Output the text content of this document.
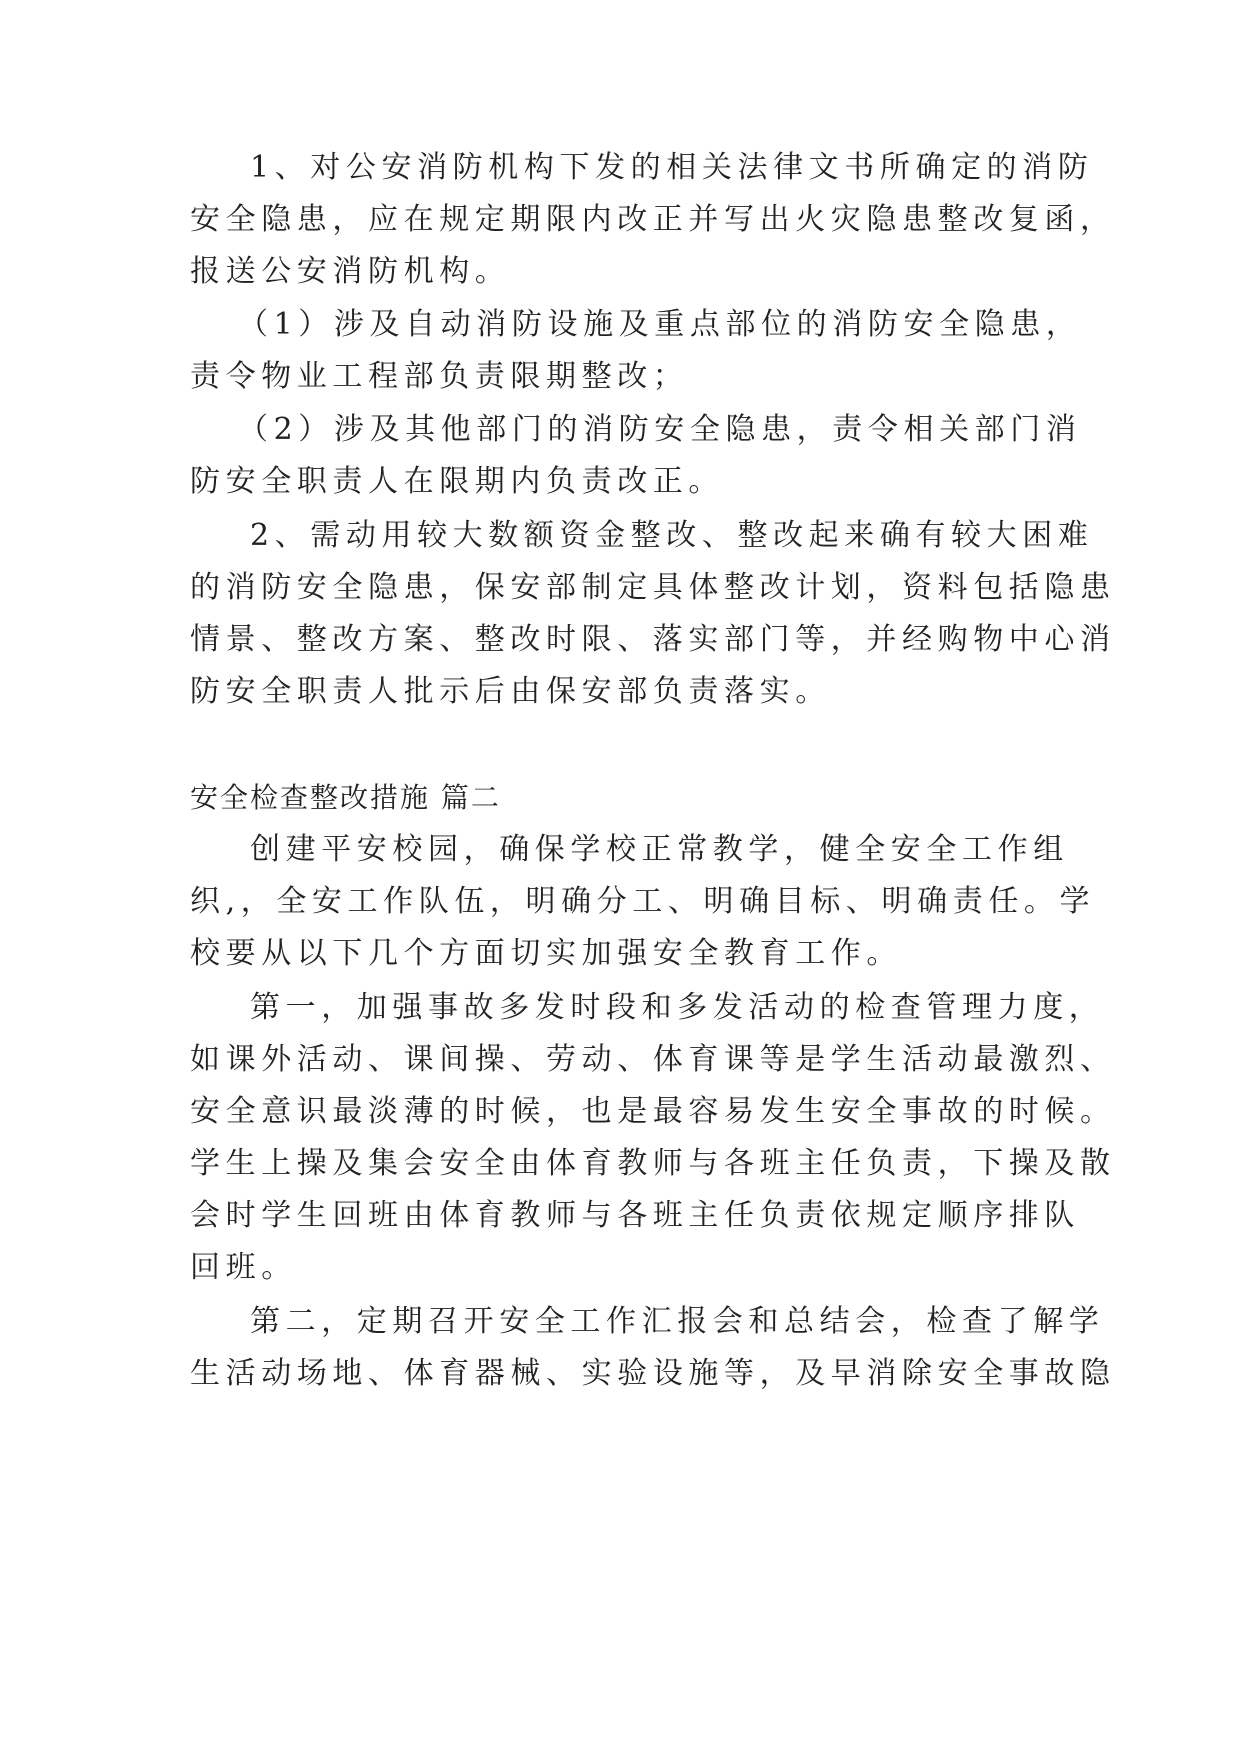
1、对公安消防机构下发的相关法律文书所确定的消防
安全隐患，应在规定期限内改正并写出火灾隐患整改复函，
报送公安消防机构。
（1）涉及自动消防设施及重点部位的消防安全隐患，
责令物业工程部负责限期整改；
（2）涉及其他部门的消防安全隐患，责令相关部门消
防安全职责人在限期内负责改正。
2、需动用较大数额资金整改、整改起来确有较大困难
的消防安全隐患，保安部制定具体整改计划，资料包括隐患
情景、整改方案、整改时限、落实部门等，并经购物中心消
防安全职责人批示后由保安部负责落实。
安全检查整改措施 篇二
创建平安校园，确保学校正常教学，健全安全工作组
织,，全安工作队伍，明确分工、明确目标、明确责任。学
校要从以下几个方面切实加强安全教育工作。
第一，加强事故多发时段和多发活动的检查管理力度，
如课外活动、课间操、劳动、体育课等是学生活动最激烈、
安全意识最淡薄的时候，也是最容易发生安全事故的时候。
学生上操及集会安全由体育教师与各班主任负责，下操及散
会时学生回班由体育教师与各班主任负责依规定顺序排队
回班。
第二，定期召开安全工作汇报会和总结会，检查了解学
生活动场地、体育器械、实验设施等，及早消除安全事故隐
